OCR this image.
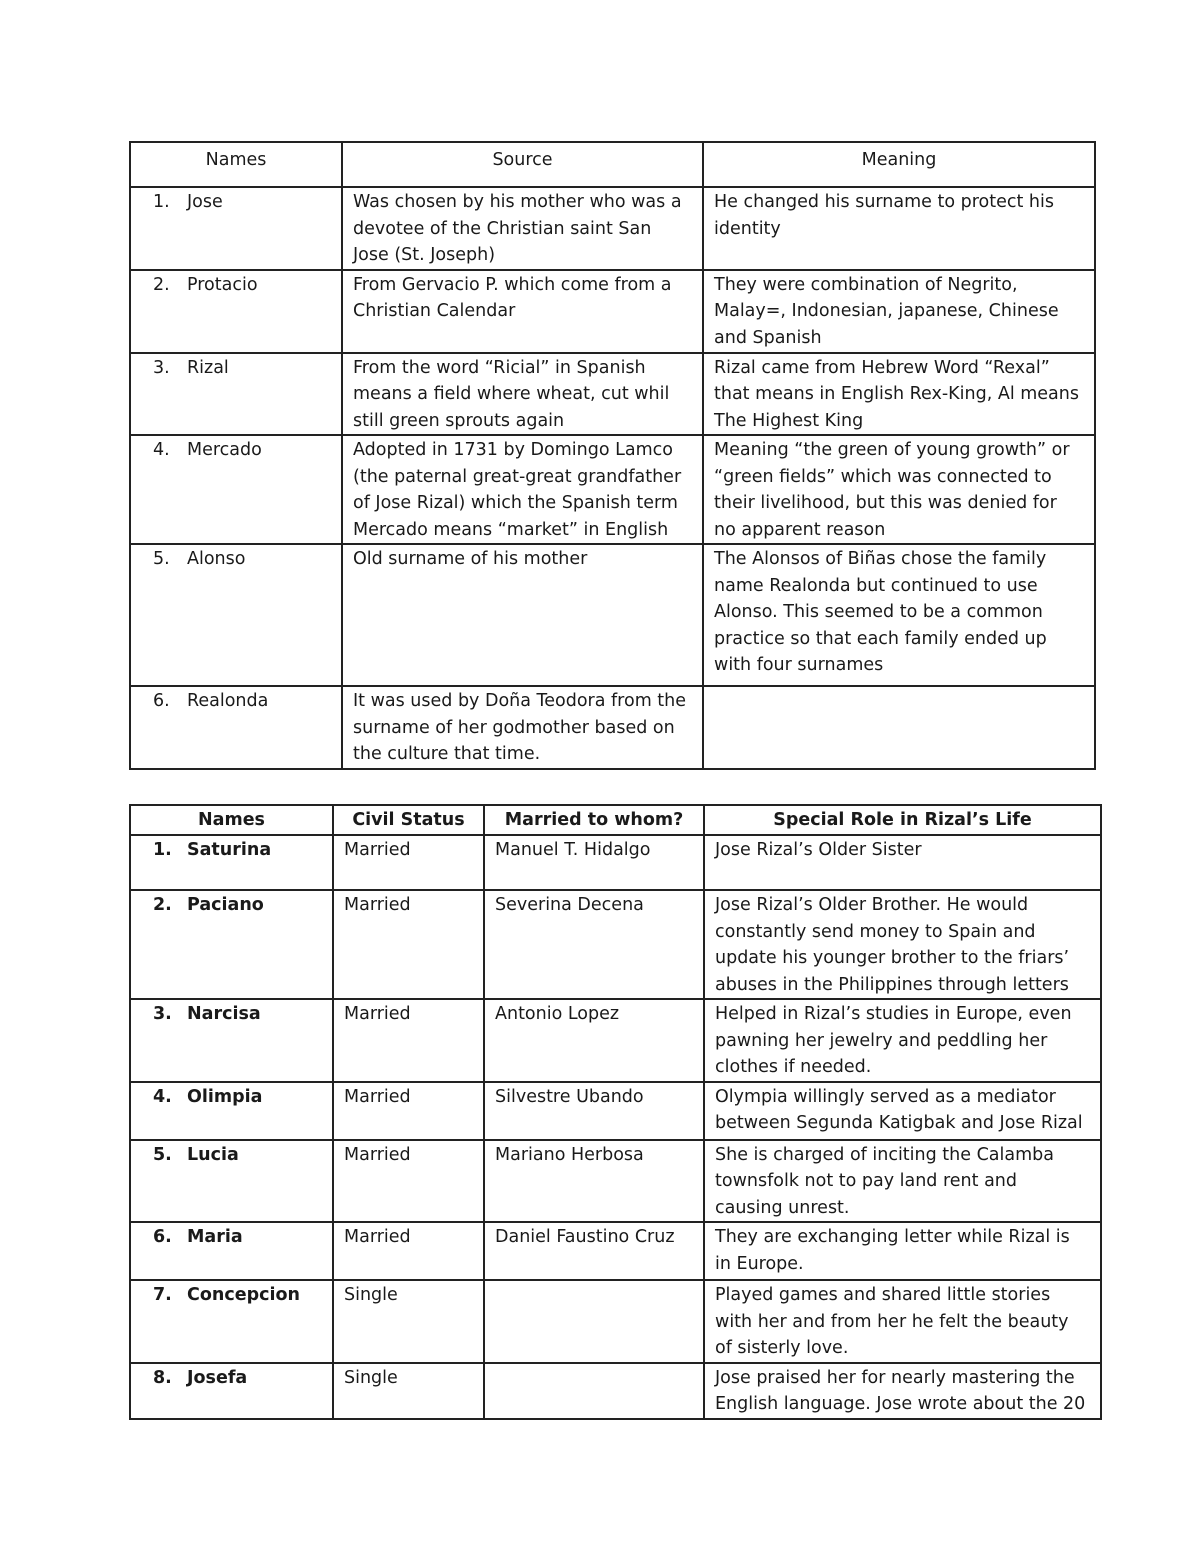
Names	Source	Meaning
1. Jose	Was chosen by his mother who was a devotee of the Christian saint San Jose (St. Joseph)	He changed his surname to protect his identity
2. Protacio	From Gervacio P. which come from a Christian Calendar	They were combination of Negrito, Malay=, Indonesian, japanese, Chinese and Spanish
3. Rizal	From the word “Ricial” in Spanish means a field where wheat, cut whil still green sprouts again	Rizal came from Hebrew Word “Rexal” that means in English Rex-King, Al means The Highest King
4. Mercado	Adopted in 1731 by Domingo Lamco (the paternal great-great grandfather of Jose Rizal) which the Spanish term Mercado means “market” in English	Meaning “the green of young growth” or “green fields” which was connected to their livelihood, but this was denied for no apparent reason
5. Alonso	Old surname of his mother	The Alonsos of Biñas chose the family name Realonda but continued to use Alonso. This seemed to be a common practice so that each family ended up with four surnames
6. Realonda	It was used by Doña Teodora from the surname of her godmother based on the culture that time.	
Names	Civil Status	Married to whom?	Special Role in Rizal’s Life
1. Saturina	Married	Manuel T. Hidalgo	Jose Rizal’s Older Sister
2. Paciano	Married	Severina Decena	Jose Rizal’s Older Brother. He would constantly send money to Spain and update his younger brother to the friars’ abuses in the Philippines through letters
3. Narcisa	Married	Antonio Lopez	Helped in Rizal’s studies in Europe, even pawning her jewelry and peddling her clothes if needed.
4. Olimpia	Married	Silvestre Ubando	Olympia willingly served as a mediator between Segunda Katigbak and Jose Rizal
5. Lucia	Married	Mariano Herbosa	She is charged of inciting the Calamba townsfolk not to pay land rent and causing unrest.
6. Maria	Married	Daniel Faustino Cruz	They are exchanging letter while Rizal is in Europe.
7. Concepcion	Single		Played games and shared little stories with her and from her he felt the beauty of sisterly love.
8. Josefa	Single		Jose praised her for nearly mastering the English language. Jose wrote about the 20
